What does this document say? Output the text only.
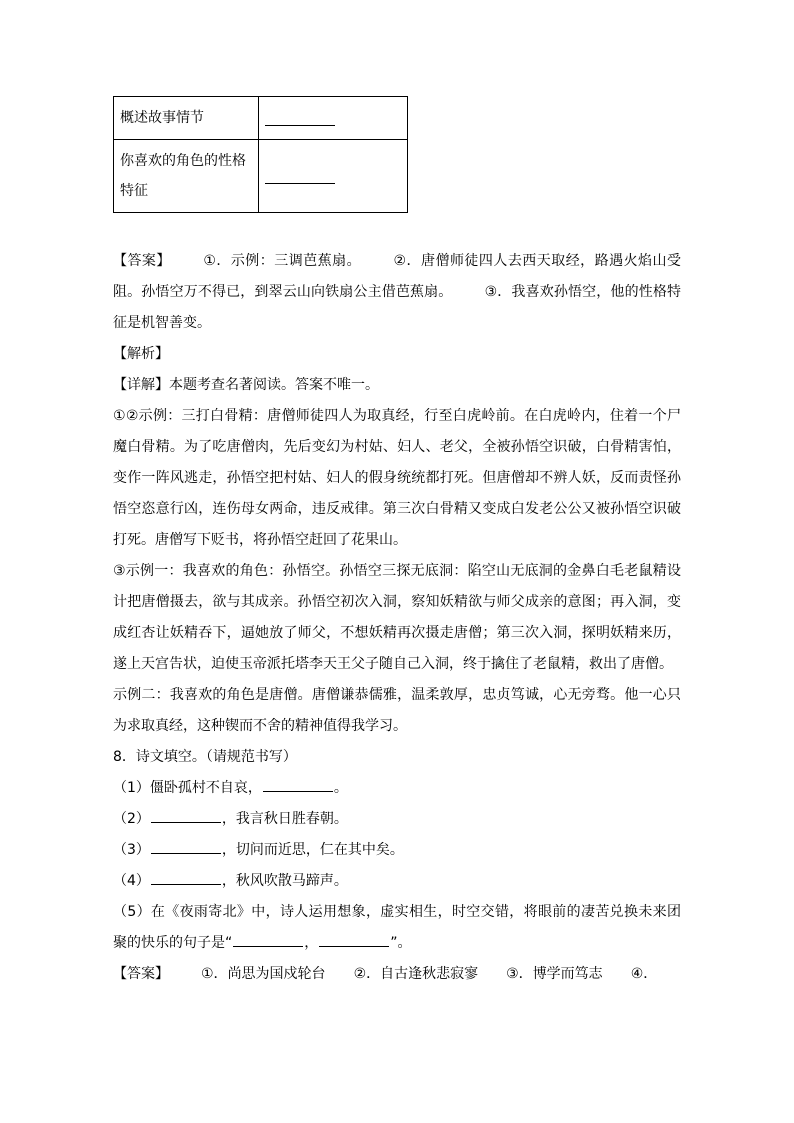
概述故事情节	
你喜欢的角色的性格特征	

【答案】 ①．示例：三调芭蕉扇。 ②．唐僧师徒四人去西天取经，路遇火焰山受阻。孙悟空万不得已，到翠云山向铁扇公主借芭蕉扇。 ③．我喜欢孙悟空，他的性格特征是机智善变。

【解析】

【详解】本题考查名著阅读。答案不唯一。

①②示例：三打白骨精：唐僧师徒四人为取真经，行至白虎岭前。在白虎岭内，住着一个尸魔白骨精。为了吃唐僧肉，先后变幻为村姑、妇人、老父，全被孙悟空识破，白骨精害怕，变作一阵风逃走，孙悟空把村姑、妇人的假身统统都打死。但唐僧却不辨人妖，反而责怪孙悟空恣意行凶，连伤母女两命，违反戒律。第三次白骨精又变成白发老公公又被孙悟空识破打死。唐僧写下贬书，将孙悟空赶回了花果山。

③示例一：我喜欢的角色：孙悟空。孙悟空三探无底洞：陷空山无底洞的金鼻白毛老鼠精设计把唐僧摄去，欲与其成亲。孙悟空初次入洞，察知妖精欲与师父成亲的意图；再入洞，变成红杏让妖精吞下，逼她放了师父，不想妖精再次摄走唐僧；第三次入洞，探明妖精来历，遂上天宫告状，迫使玉帝派托塔李天王父子随自己入洞，终于擒住了老鼠精，救出了唐僧。

示例二：我喜欢的角色是唐僧。唐僧谦恭儒雅，温柔敦厚，忠贞笃诚，心无旁骛。他一心只为求取真经，这种锲而不舍的精神值得我学习。

8．诗文填空。（请规范书写）

（1）僵卧孤村不自哀，	。

（2）	，我言秋日胜春朝。

（3）	，切问而近思，仁在其中矣。

（4）	，秋风吹散马蹄声。

（5）在《夜雨寄北》中，诗人运用想象，虚实相生，时空交错，将眼前的凄苦兑换未来团聚的快乐的句子是“	，	”。

【答案】 ①．尚思为国戍轮台 ②．自古逢秋悲寂寥 ③．博学而笃志 ④．
